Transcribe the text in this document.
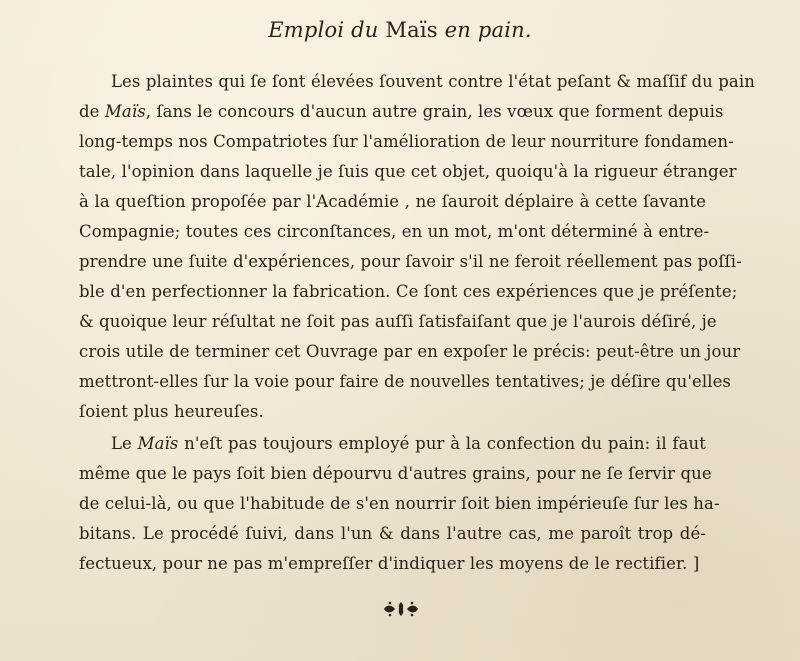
Emploi du Maïs en pain.
Les plaintes qui ſe ſont élevées ſouvent contre l'état peſant & maſſif du pain
de Maïs, ſans le concours d'aucun autre grain, les vœux que forment depuis
long-temps nos Compatriotes ſur l'amélioration de leur nourriture fondamen-
tale, l'opinion dans laquelle je ſuis que cet objet, quoiqu'à la rigueur étranger
à la queſtion propoſée par l'Académie , ne ſauroit déplaire à cette ſavante
Compagnie; toutes ces circonſtances, en un mot, m'ont déterminé à entre-
prendre une ſuite d'expériences, pour ſavoir s'il ne feroit réellement pas poſſi-
ble d'en perfectionner la fabrication. Ce ſont ces expériences que je préſente;
& quoique leur réſultat ne ſoit pas auſſi ſatisfaiſant que je l'aurois déſiré, je
crois utile de terminer cet Ouvrage par en expoſer le précis: peut-être un jour
mettront-elles ſur la voie pour faire de nouvelles tentatives; je déſire qu'elles
ſoient plus heureuſes.
Le Maïs n'eſt pas toujours employé pur à la confection du pain: il faut
même que le pays ſoit bien dépourvu d'autres grains, pour ne ſe ſervir que
de celui-là, ou que l'habitude de s'en nourrir ſoit bien impérieuſe ſur les ha-
bitans. Le procédé ſuivi, dans l'un & dans l'autre cas, me paroît trop dé-
fectueux, pour ne pas m'empreſſer d'indiquer les moyens de le rectifier. ]
